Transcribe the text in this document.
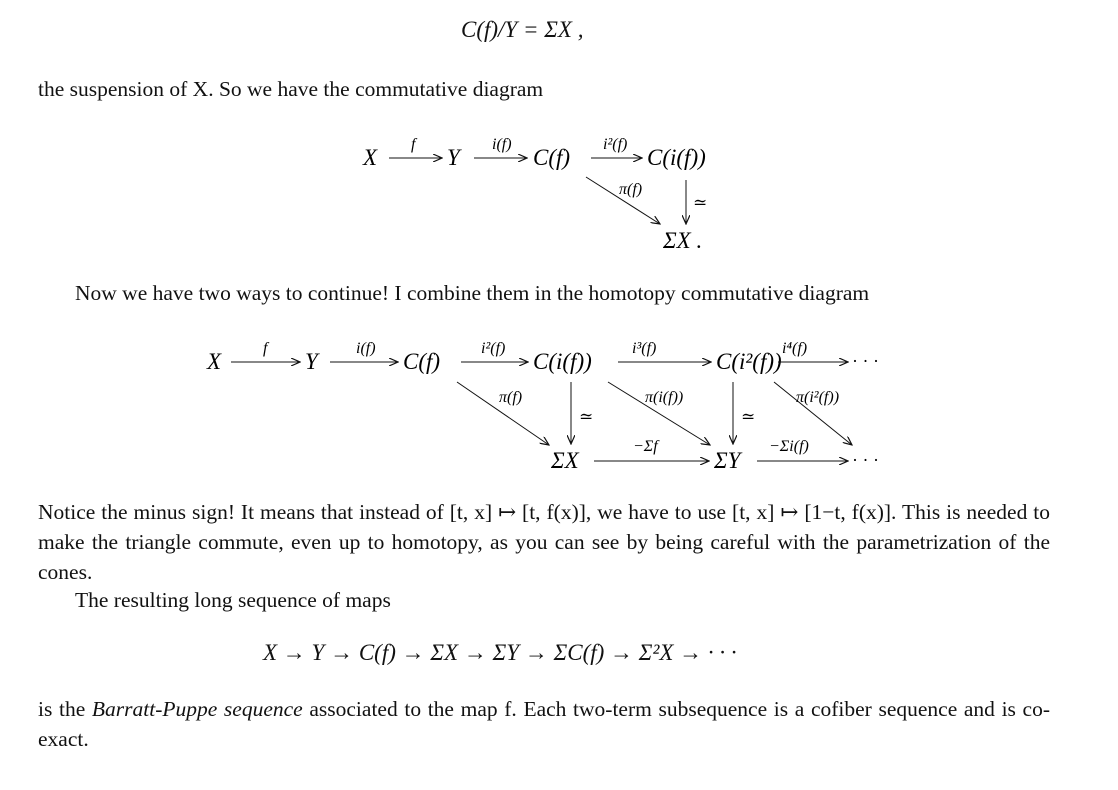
C(f)/Y = ΣX ,
the suspension of X. So we have the commutative diagram
X	Y	C(f)	C(i(f))
ΣX .
f	i(f)	i²(f)
π(f)
≃
Now we have two ways to continue! I combine them in the homotopy commutative diagram
X	Y	C(f)	C(i(f))	C(i²(f))	· · ·
ΣX	ΣY	· · ·
f	i(f)	i²(f)	i³(f)	i⁴(f)
π(f)	π(i(f))	π(i²(f))
≃	≃
−Σf	−Σi(f)
Notice the minus sign! It means that instead of [t, x] ↦ [t, f(x)], we have to use [t, x] ↦ [1−t, f(x)]. This is needed to make the triangle commute, even up to homotopy, as you can see by being careful with the parametrization of the cones.
The resulting long sequence of maps
X → Y → C(f) → ΣX → ΣY → ΣC(f) → Σ²X → · · ·
is the Barratt-Puppe sequence associated to the map f. Each two-term subsequence is a cofiber sequence and is co-exact.
